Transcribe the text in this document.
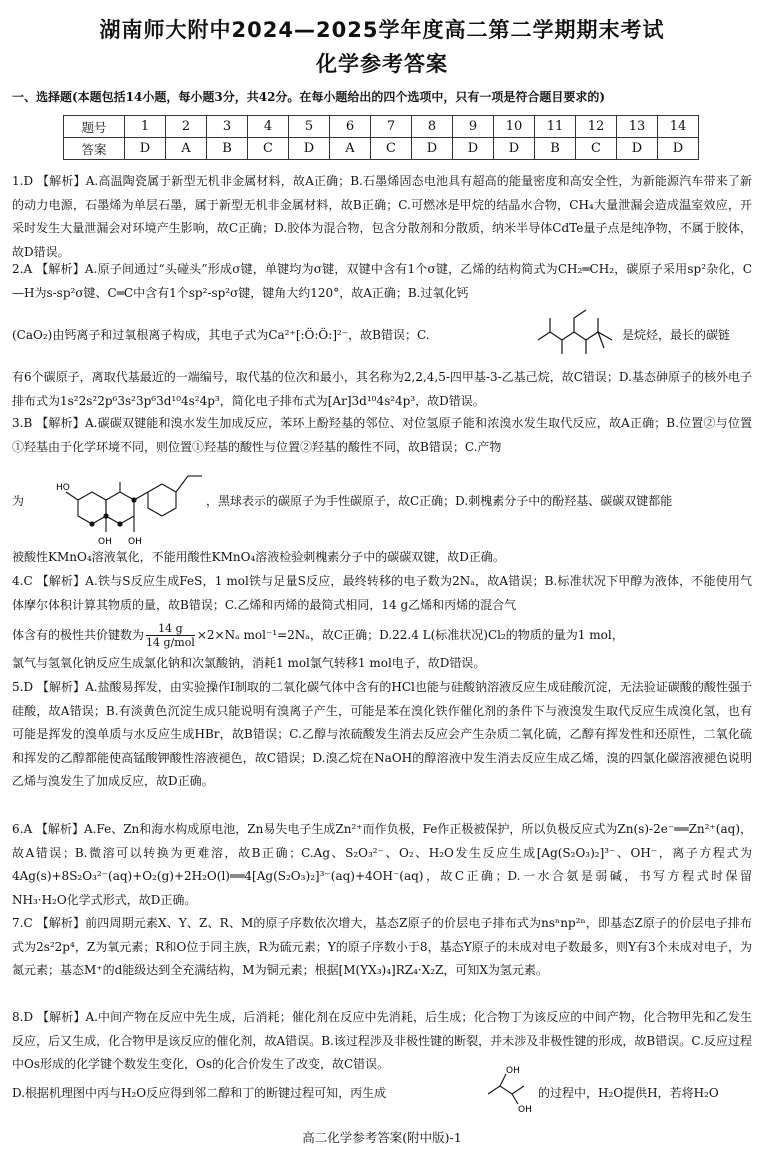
湖南师大附中2024—2025学年度高二第二学期期末考试
化学参考答案
一、选择题(本题包括14小题，每小题3分，共42分。在每小题给出的四个选项中，只有一项是符合题目要求的)
题号	1	2	3	4	5	6	7	8	9	10	11	12	13	14
答案	D	A	B	C	D	A	C	D	D	D	B	C	D	D

1.D 【解析】A.高温陶瓷属于新型无机非金属材料，故A正确；B.石墨烯固态电池具有超高的能量密度和高安全性，为新能源汽车带来了新的动力电源，石墨烯为单层石墨，属于新型无机非金属材料，故B正确；C.可燃冰是甲烷的结晶水合物，CH₄大量泄漏会造成温室效应，开采时发生大量泄漏会对环境产生影响，故C正确；D.胶体为混合物，包含分散剂和分散质，纳米半导体CdTe量子点是纯净物，不属于胶体，故D错误。

2.A 【解析】A.原子间通过“头碰头”形成σ键，单键均为σ键，双键中含有1个σ键，乙烯的结构简式为CH₂═CH₂，碳原子采用sp²杂化，C—H为s-sp²σ键、C═C中含有1个sp²-sp²σ键，键角大约120°，故A正确；B.过氧化钙

(CaO₂)由钙离子和过氧根离子构成，其电子式为Ca²⁺[:Ö:Ö:]²⁻，故B错误；C.	是烷烃，最长的碳链

有6个碳原子，离取代基最近的一端编号，取代基的位次和最小，其名称为2,2,4,5-四甲基-3-乙基己烷，故C错误；D.基态砷原子的核外电子排布式为1s²2s²2p⁶3s²3p⁶3d¹⁰4s²4p³，简化电子排布式为[Ar]3d¹⁰4s²4p³，故D错误。

3.B 【解析】A.碳碳双键能和溴水发生加成反应，苯环上酚羟基的邻位、对位氢原子能和浓溴水发生取代反应，故A正确；B.位置②与位置①羟基由于化学环境不同，则位置①羟基的酸性与位置②羟基的酸性不同，故B错误；C.产物

为	，黑球表示的碳原子为手性碳原子，故C正确；D.刺槐素分子中的酚羟基、碳碳双键都能
HO
OH OH

被酸性KMnO₄溶液氧化，不能用酸性KMnO₄溶液检验刺槐素分子中的碳碳双键，故D正确。

4.C 【解析】A.铁与S反应生成FeS，1 mol铁与足量S反应，最终转移的电子数为2Nₐ，故A错误；B.标准状况下甲醇为液体，不能使用气体摩尔体积计算其物质的量，故B错误；C.乙烯和丙烯的最简式相同，14 g乙烯和丙烯的混合气

体含有的极性共价键数为 $\frac{14 g}{\text{14 g/mol}} \times 2\times N_a$ mol⁻¹=2Nₐ，故C正确；D.22.4 L(标准状况)Cl₂的物质的量为1 mol，

氯气与氢氧化钠反应生成氯化钠和次氯酸钠，消耗1 mol氯气转移1 mol电子，故D错误。

5.D 【解析】A.盐酸易挥发，由实验操作Ⅰ制取的二氧化碳气体中含有的HCl也能与硅酸钠溶液反应生成硅酸沉淀，无法验证碳酸的酸性强于硅酸，故A错误；B.有淡黄色沉淀生成只能说明有溴离子产生，可能是苯在溴化铁作催化剂的条件下与液溴发生取代反应生成溴化氢，也有可能是挥发的溴单质与水反应生成HBr，故B错误；C.乙醇与浓硫酸发生消去反应会产生杂质二氧化硫，乙醇有挥发性和还原性，二氧化硫和挥发的乙醇都能使高锰酸钾酸性溶液褪色，故C错误；D.溴乙烷在NaOH的醇溶液中发生消去反应生成乙烯，溴的四氯化碳溶液褪色说明乙烯与溴发生了加成反应，故D正确。

6.A 【解析】A.Fe、Zn和海水构成原电池，Zn易失电子生成Zn²⁺而作负极，Fe作正极被保护，所以负极反应式为Zn(s)-2e⁻══Zn²⁺(aq)，故A错误；B.微溶可以转换为更难溶，故B正确；C.Ag、S₂O₃²⁻、O₂、H₂O发生反应生成[Ag(S₂O₃)₂]³⁻、OH⁻，离子方程式为4Ag(s)+8S₂O₃²⁻(aq)+O₂(g)+2H₂O(l)══4[Ag(S₂O₃)₂]³⁻(aq)+4OH⁻(aq)，故C正确；D.一水合氨是弱碱，书写方程式时保留NH₃·H₂O化学式形式，故D正确。

7.C 【解析】前四周期元素X、Y、Z、R、M的原子序数依次增大，基态Z原子的价层电子排布式为nsⁿnp²ⁿ，即基态Z原子的价层电子排布式为2s²2p⁴，Z为氧元素；R和O位于同主族，R为硫元素；Y的原子序数小于8，基态Y原子的未成对电子数最多，则Y有3个未成对电子，为氮元素；基态M⁺的d能级达到全充满结构，M为铜元素；根据[M(YX₃)₄]RZ₄·X₂Z，可知X为氢元素。

8.D 【解析】A.中间产物在反应中先生成，后消耗；催化剂在反应中先消耗，后生成；化合物丁为该反应的中间产物，化合物甲先和乙发生反应，后又生成，化合物甲是该反应的催化剂，故A错误。B.该过程涉及非极性键的断裂，并未涉及非极性键的形成，故B错误。C.反应过程中Os形成的化学键个数发生变化，Os的化合价发生了改变，故C错误。

D.根据机理图中丙与H₂O反应得到邻二醇和丁的断键过程可知，丙生成
OH
OH
的过程中，H₂O提供H，若将H₂O
高二化学参考答案(附中版)-1
